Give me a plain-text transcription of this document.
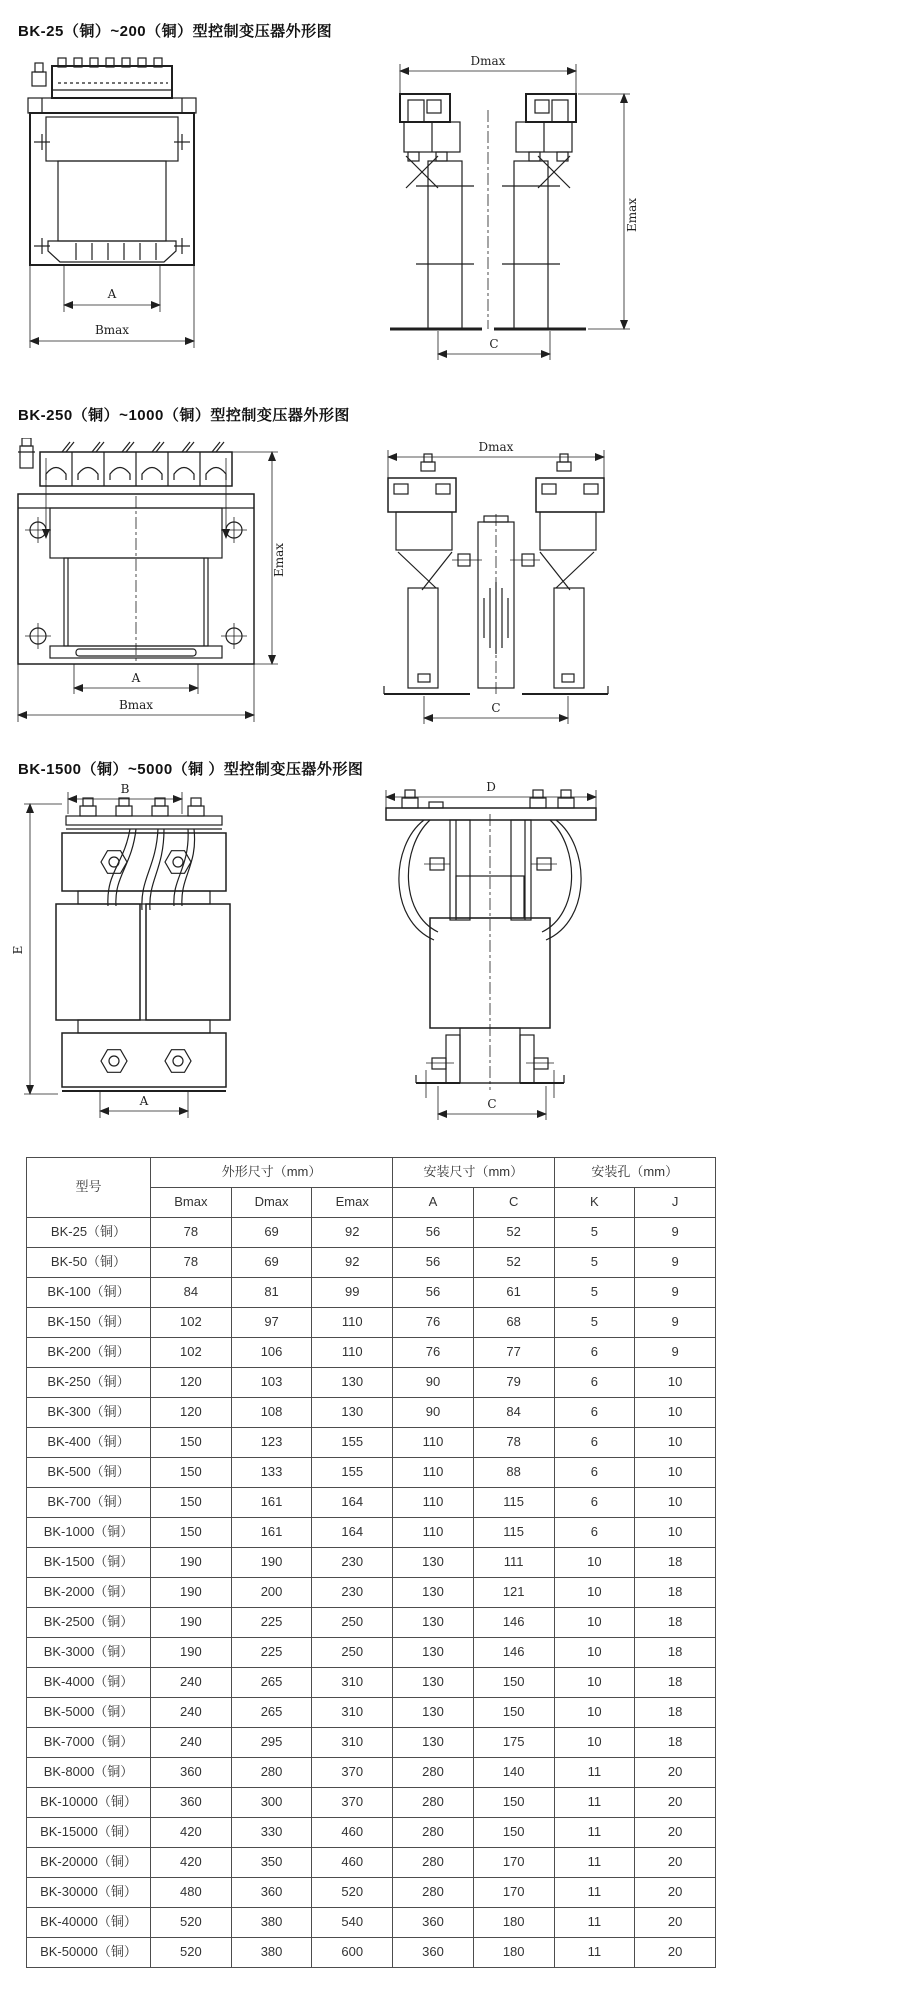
BK-25（铜）~200（铜）型控制变压器外形图
BK-250（铜）~1000（铜）型控制变压器外形图
BK-1500（铜）~5000（铜 ）型控制变压器外形图
A
Bmax
Dmax
Emax
C
Emax
A
Bmax
Dmax
C
B
E
A
D
C
型号	外形尺寸（mm）			安装尺寸（mm）		安装孔（mm）	
	Bmax	Dmax	Emax	A	C	K	J
BK-25（铜）	78	69	92	56	52	5	9
BK-50（铜）	78	69	92	56	52	5	9
BK-100（铜）	84	81	99	56	61	5	9
BK-150（铜）	102	97	110	76	68	5	9
BK-200（铜）	102	106	110	76	77	6	9
BK-250（铜）	120	103	130	90	79	6	10
BK-300（铜）	120	108	130	90	84	6	10
BK-400（铜）	150	123	155	110	78	6	10
BK-500（铜）	150	133	155	110	88	6	10
BK-700（铜）	150	161	164	110	115	6	10
BK-1000（铜）	150	161	164	110	115	6	10
BK-1500（铜）	190	190	230	130	111	10	18
BK-2000（铜）	190	200	230	130	121	10	18
BK-2500（铜）	190	225	250	130	146	10	18
BK-3000（铜）	190	225	250	130	146	10	18
BK-4000（铜）	240	265	310	130	150	10	18
BK-5000（铜）	240	265	310	130	150	10	18
BK-7000（铜）	240	295	310	130	175	10	18
BK-8000（铜）	360	280	370	280	140	11	20
BK-10000（铜）	360	300	370	280	150	11	20
BK-15000（铜）	420	330	460	280	150	11	20
BK-20000（铜）	420	350	460	280	170	11	20
BK-30000（铜）	480	360	520	280	170	11	20
BK-40000（铜）	520	380	540	360	180	11	20
BK-50000（铜）	520	380	600	360	180	11	20
